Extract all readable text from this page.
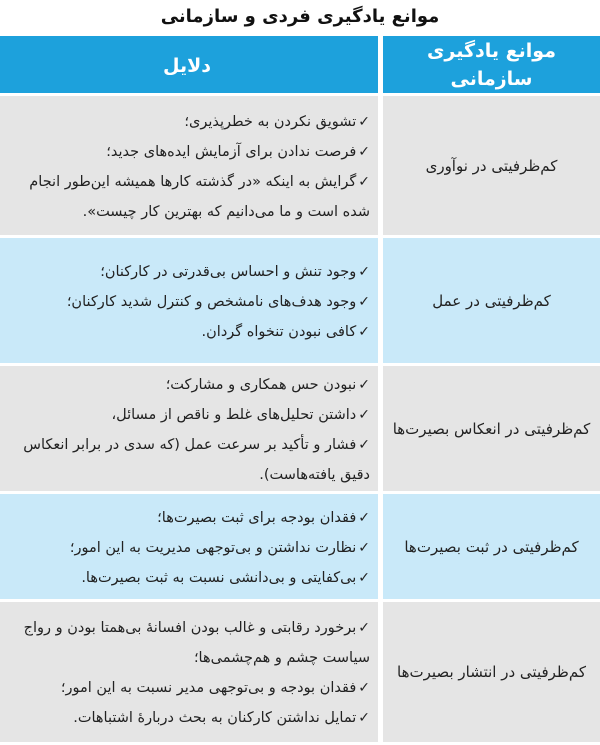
موانع یادگیری فردی و سازمانی
موانع یادگیری سازمانی
دلایل
کم‌ظرفیتی در نوآوری
✓تشویق نکردن به خطرپذیری؛
✓فرصت ندادن برای آزمایش ایده‌های جدید؛
✓گرایش به اینکه «در گذشته کارها همیشه این‌طور انجام شده است و ما می‌دانیم که بهترین کار چیست».
کم‌ظرفیتی در عمل
✓وجود تنش و احساس بی‌قدرتی در کارکنان؛
✓وجود هدف‌های نامشخص و کنترل شدید کارکنان؛
✓کافی نبودن تنخواه گردان.
کم‌ظرفیتی در انعکاس بصیرت‌ها
✓نبودن حس همکاری و مشارکت؛
✓داشتن تحلیل‌های غلط و ناقص از مسائل،
✓فشار و تأکید بر سرعت عمل (که سدی در برابر انعکاس دقیق یافته‌هاست).
کم‌ظرفیتی در ثبت بصیرت‌ها
✓فقدان بودجه برای ثبت بصیرت‌ها؛
✓نظارت نداشتن و بی‌توجهی مدیریت به این امور؛
✓بی‌کفایتی و بی‌دانشی نسبت به ثبت بصیرت‌ها.
کم‌ظرفیتی در انتشار بصیرت‌ها
✓برخورد رقابتی و غالب بودن افسانهٔ بی‌همتا بودن و رواج سیاست چشم و هم‌چشمی‌ها؛
✓فقدان بودجه و بی‌توجهی مدیر نسبت به این امور؛
✓تمایل نداشتن کارکنان به بحث دربارهٔ اشتباهات.
